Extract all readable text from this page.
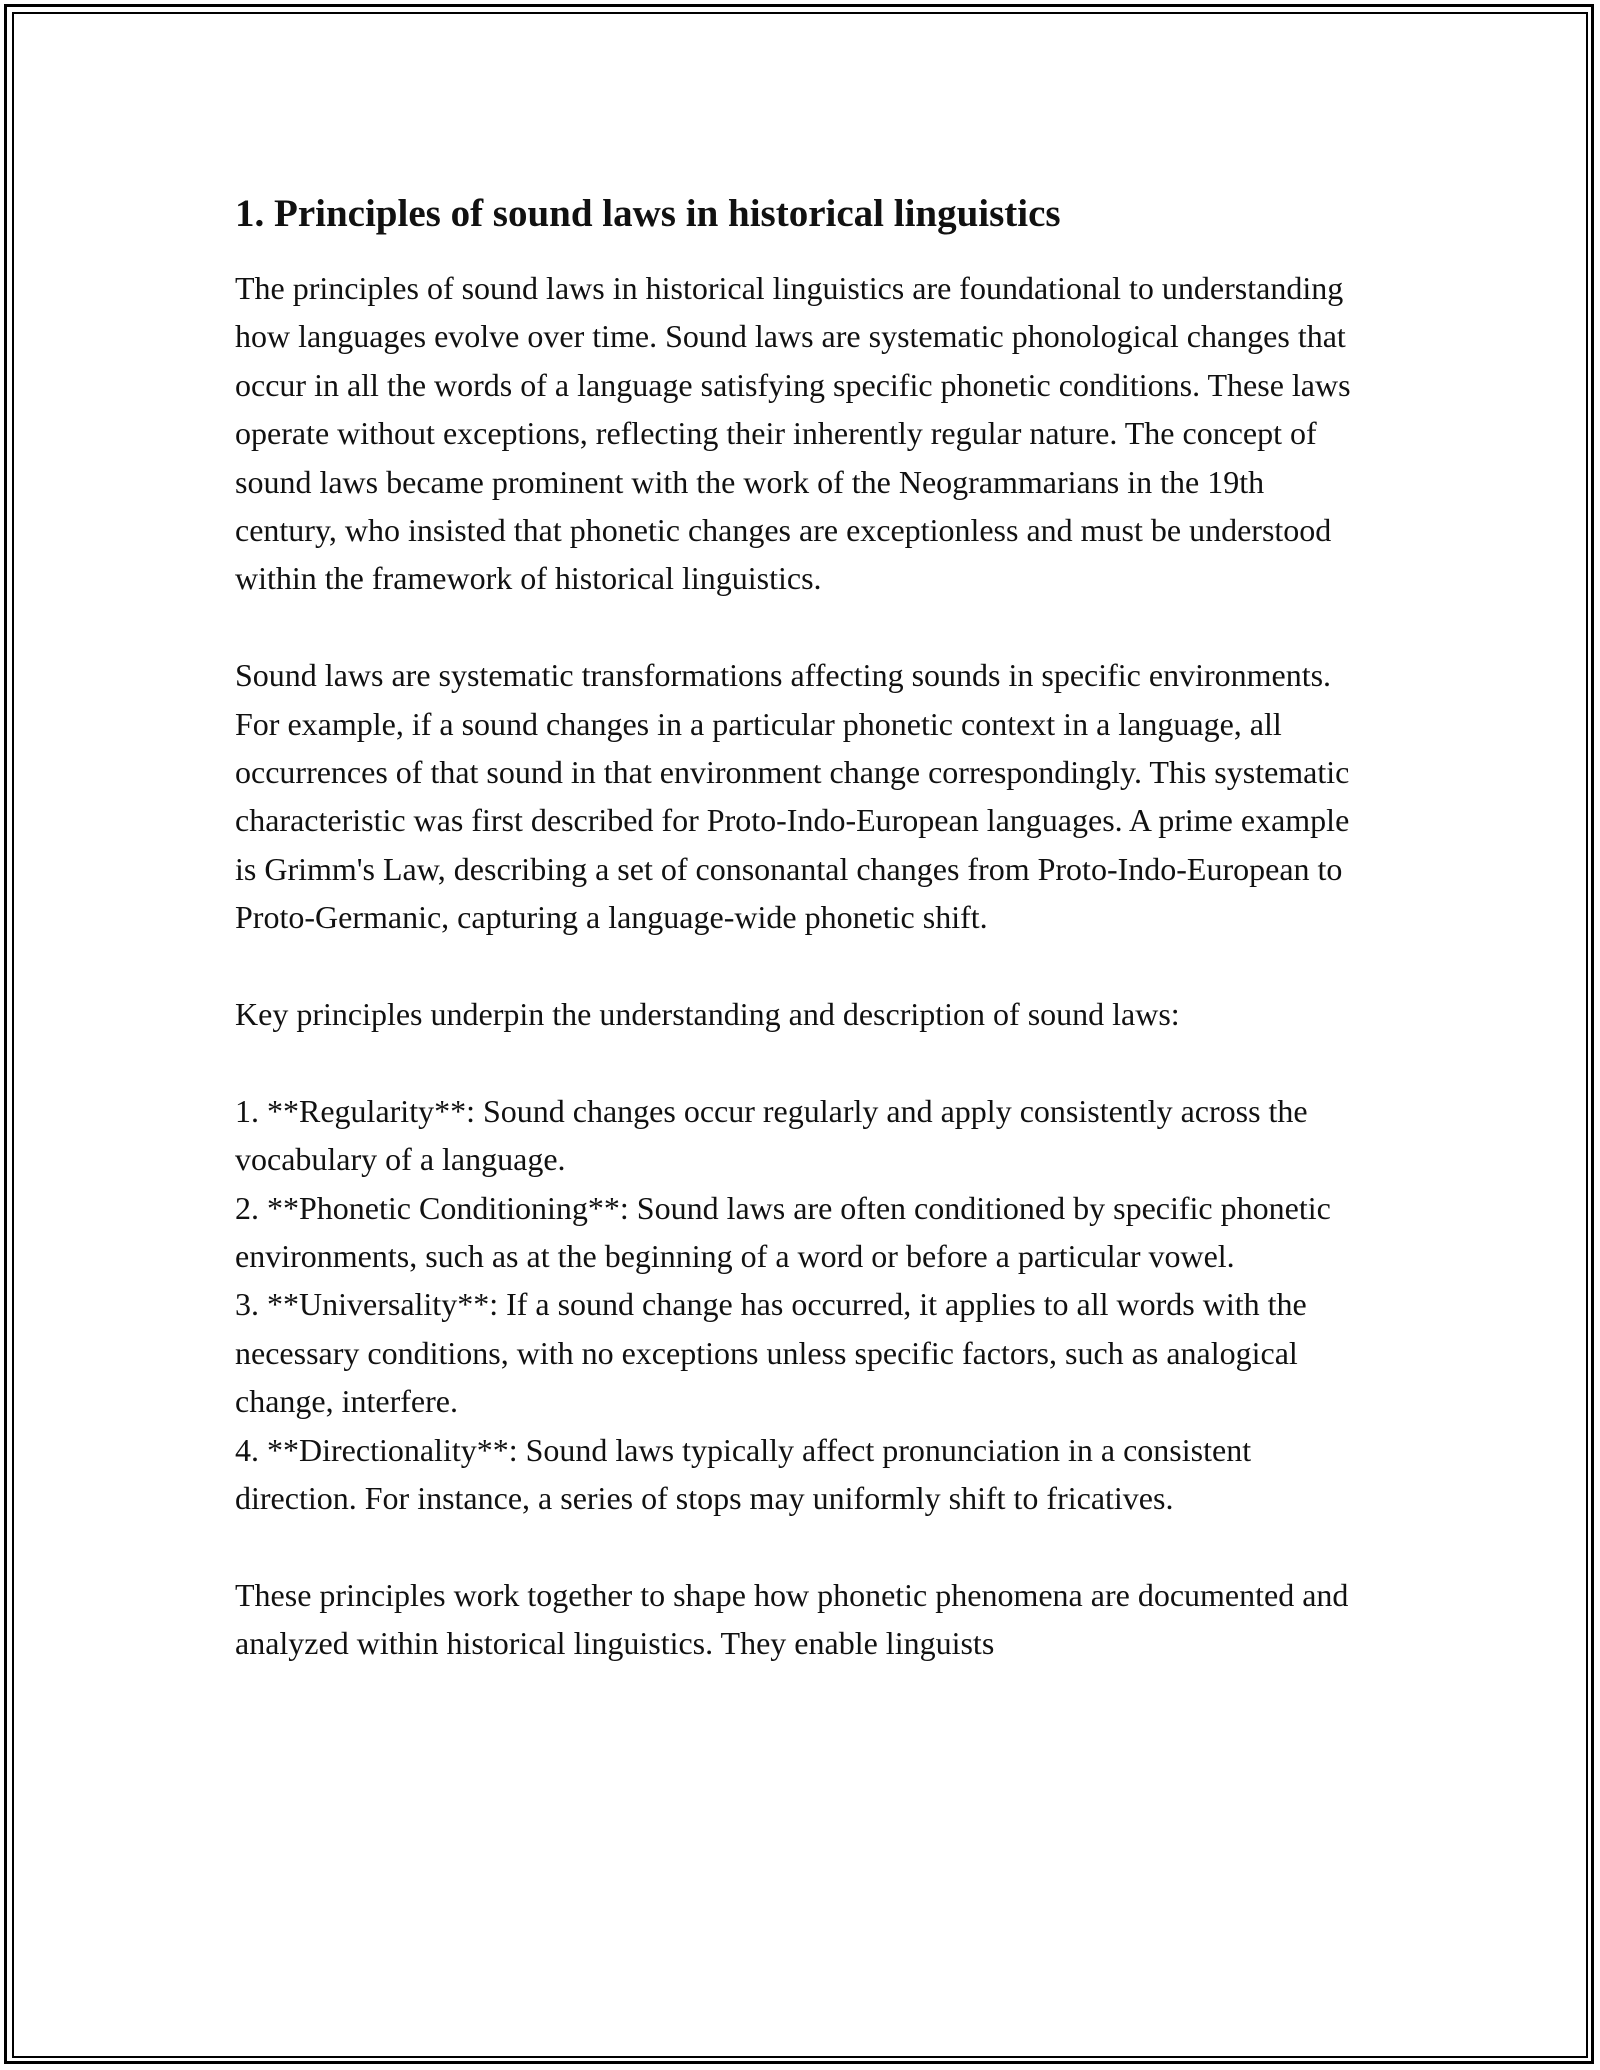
1. Principles of sound laws in historical linguistics

The principles of sound laws in historical linguistics are foundational to understanding how languages evolve over time. Sound laws are systematic phonological changes that occur in all the words of a language satisfying specific phonetic conditions. These laws operate without exceptions, reflecting their inherently regular nature. The concept of sound laws became prominent with the work of the Neogrammarians in the 19th century, who insisted that phonetic changes are exceptionless and must be understood within the framework of historical linguistics.

Sound laws are systematic transformations affecting sounds in specific environments. For example, if a sound changes in a particular phonetic context in a language, all occurrences of that sound in that environment change correspondingly. This systematic characteristic was first described for Proto-Indo-European languages. A prime example is Grimm's Law, describing a set of consonantal changes from Proto-Indo-European to Proto-Germanic, capturing a language-wide phonetic shift.

Key principles underpin the understanding and description of sound laws:

1. **Regularity**: Sound changes occur regularly and apply consistently across the vocabulary of a language.
2. **Phonetic Conditioning**: Sound laws are often conditioned by specific phonetic environments, such as at the beginning of a word or before a particular vowel.
3. **Universality**: If a sound change has occurred, it applies to all words with the necessary conditions, with no exceptions unless specific factors, such as analogical change, interfere.
4. **Directionality**: Sound laws typically affect pronunciation in a consistent direction. For instance, a series of stops may uniformly shift to fricatives.

These principles work together to shape how phonetic phenomena are documented and analyzed within historical linguistics. They enable linguists
